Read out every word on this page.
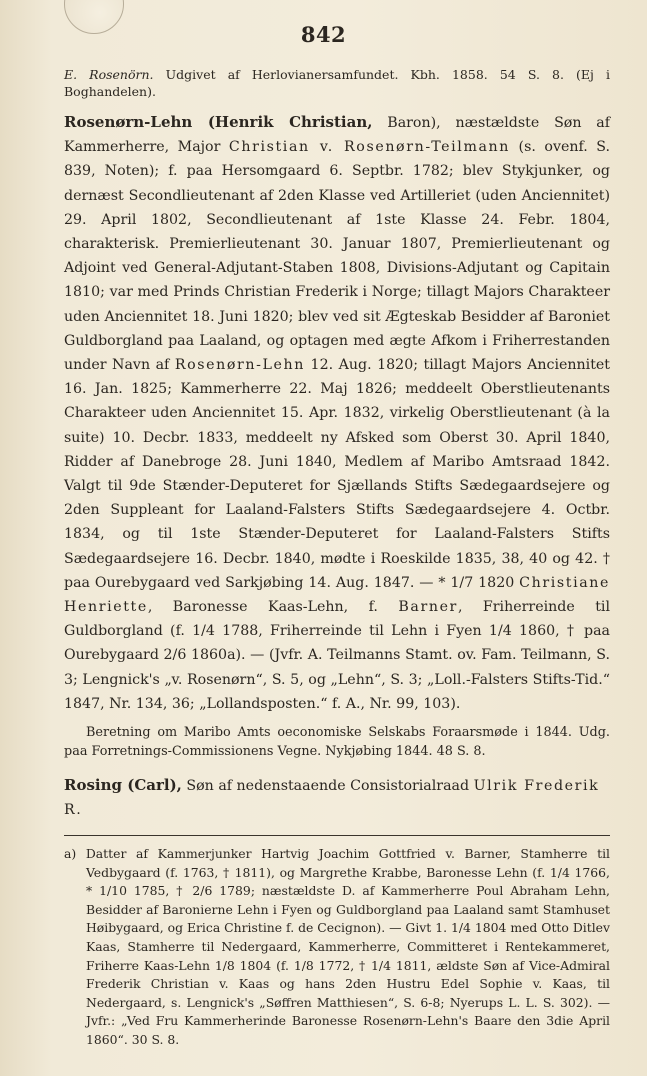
842

E. Rosenörn. Udgivet af Herlovianersamfundet. Kbh. 1858. 54 S. 8. (Ej i Boghandelen).

Rosenørn-Lehn (Henrik Christian, Baron), næstældste Søn af Kammerherre, Major Christian v. Rosenørn-Teilmann (s. ovenf. S. 839, Noten); f. paa Hersomgaard 6. Septbr. 1782; blev Stykjunker, og dernæst Secondlieutenant af 2den Klasse ved Artilleriet (uden Anciennitet) 29. April 1802, Secondlieutenant af 1ste Klasse 24. Febr. 1804, charakterisk. Premierlieutenant 30. Januar 1807, Premierlieutenant og Adjoint ved General-Adjutant-Staben 1808, Divisions-Adjutant og Capitain 1810; var med Prinds Christian Frederik i Norge; tillagt Majors Charakteer uden Anciennitet 18. Juni 1820; blev ved sit Ægteskab Besidder af Baroniet Guldborgland paa Laaland, og optagen med ægte Afkom i Friherrestanden under Navn af Rosenørn-Lehn 12. Aug. 1820; tillagt Majors Anciennitet 16. Jan. 1825; Kammerherre 22. Maj 1826; meddeelt Oberstlieutenants Charakteer uden Anciennitet 15. Apr. 1832, virkelig Oberstlieutenant (à la suite) 10. Decbr. 1833, meddeelt ny Afsked som Oberst 30. April 1840, Ridder af Danebroge 28. Juni 1840, Medlem af Maribo Amtsraad 1842. Valgt til 9de Stænder-Deputeret for Sjællands Stifts Sædegaardsejere og 2den Suppleant for Laaland-Falsters Stifts Sædegaardsejere 4. Octbr. 1834, og til 1ste Stænder-Deputeret for Laaland-Falsters Stifts Sædegaardsejere 16. Decbr. 1840, mødte i Roeskilde 1835, 38, 40 og 42. † paa Ourebygaard ved Sarkjøbing 14. Aug. 1847. — * 1/7 1820 Christiane Henriette, Baronesse Kaas-Lehn, f. Barner, Friherreinde til Guldborgland (f. 1/4 1788, Friherreinde til Lehn i Fyen 1/4 1860, † paa Ourebygaard 2/6 1860a). — (Jvfr. A. Teilmanns Stamt. ov. Fam. Teilmann, S. 3; Lengnick's „v. Rosenørn“, S. 5, og „Lehn“, S. 3; „Loll.-Falsters Stifts-Tid.“ 1847, Nr. 134, 36; „Lollandsposten.“ f. A., Nr. 99, 103).

Beretning om Maribo Amts oeconomiske Selskabs Foraarsmøde i 1844. Udg. paa Forretnings-Commissionens Vegne. Nykjøbing 1844. 48 S. 8.

Rosing (Carl), Søn af nedenstaaende Consistorialraad Ulrik Frederik R.

a) Datter af Kammerjunker Hartvig Joachim Gottfried v. Barner, Stamherre til Vedbygaard (f. 1763, † 1811), og Margrethe Krabbe, Baronesse Lehn (f. 1/4 1766, * 1/10 1785, † 2/6 1789; næstældste D. af Kammerherre Poul Abraham Lehn, Besidder af Baronierne Lehn i Fyen og Guldborgland paa Laaland samt Stamhuset Høibygaard, og Erica Christine f. de Cecignon). — Givt 1. 1/4 1804 med Otto Ditlev Kaas, Stamherre til Nedergaard, Kammerherre, Committeret i Rentekammeret, Friherre Kaas-Lehn 1/8 1804 (f. 1/8 1772, † 1/4 1811, ældste Søn af Vice-Admiral Frederik Christian v. Kaas og hans 2den Hustru Edel Sophie v. Kaas, til Nedergaard, s. Lengnick's „Søffren Matthiesen“, S. 6-8; Nyerups L. L. S. 302). — Jvfr.: „Ved Fru Kammerherinde Baronesse Rosenørn-Lehn's Baare den 3die April 1860“. 30 S. 8.
